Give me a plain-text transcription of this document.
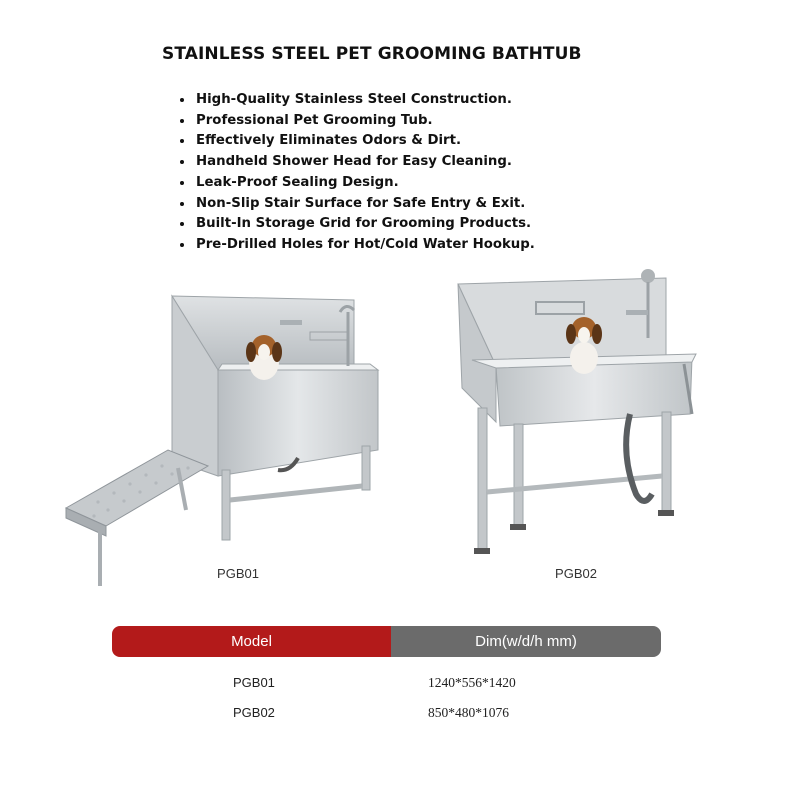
STAINLESS STEEL PET GROOMING BATHTUB
• High-Quality Stainless Steel Construction.
• Professional Pet Grooming Tub.
• Effectively Eliminates Odors & Dirt.
• Handheld Shower Head for Easy Cleaning.
• Leak-Proof Sealing Design.
• Non-Slip Stair Surface for Safe Entry & Exit.
• Built-In Storage Grid for Grooming Products.
• Pre-Drilled Holes for Hot/Cold Water Hookup.
PGB01	PGB02
Model	Dim(w/d/h mm)
PGB01	1240*556*1420
PGB02	850*480*1076
